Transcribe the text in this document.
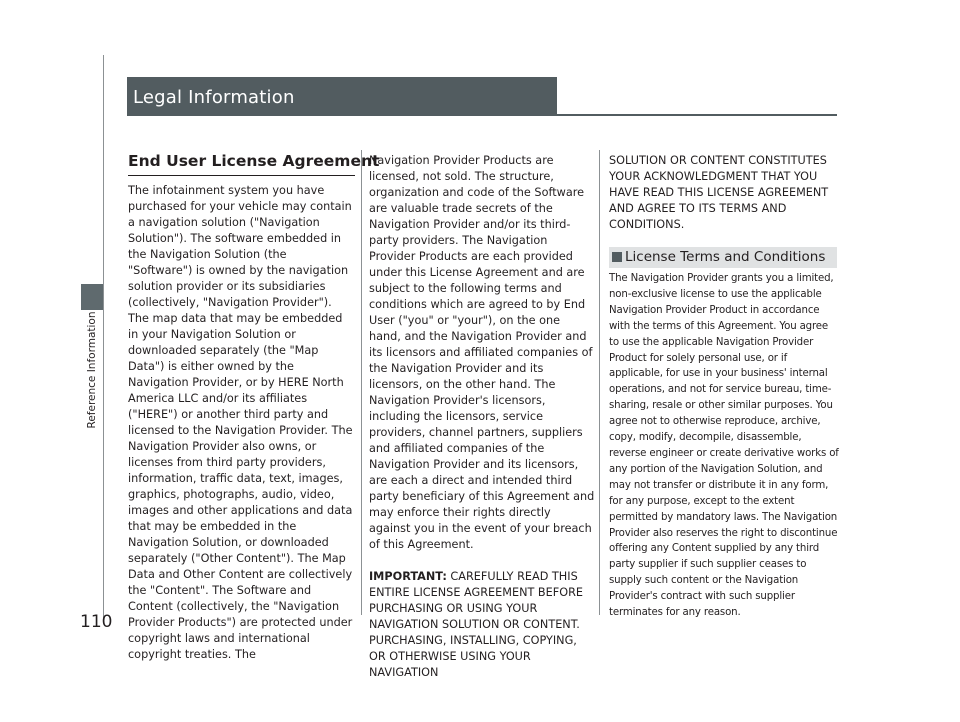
Reference Information
110
Legal Information
End User License Agreement

The infotainment system you have purchased for your vehicle may contain a navigation solution ("Navigation Solution"). The software embedded in the Navigation Solution (the "Software") is owned by the navigation solution provider or its subsidiaries (collectively, "Navigation Provider"). The map data that may be embedded in your Navigation Solution or downloaded separately (the "Map Data") is either owned by the Navigation Provider, or by HERE North America LLC and/or its affiliates ("HERE") or another third party and licensed to the Navigation Provider. The Navigation Provider also owns, or licenses from third party providers, information, traffic data, text, images, graphics, photographs, audio, video, images and other applications and data that may be embedded in the Navigation Solution, or downloaded separately ("Other Content"). The Map Data and Other Content are collectively the "Content". The Software and Content (collectively, the "Navigation Provider Products") are protected under copyright laws and international copyright treaties. The

Navigation Provider Products are licensed, not sold. The structure, organization and code of the Software are valuable trade secrets of the Navigation Provider and/or its third-party providers. The Navigation Provider Products are each provided under this License Agreement and are subject to the following terms and conditions which are agreed to by End User ("you" or "your"), on the one hand, and the Navigation Provider and its licensors and affiliated companies of the Navigation Provider and its licensors, on the other hand. The Navigation Provider's licensors, including the licensors, service providers, channel partners, suppliers and affiliated companies of the Navigation Provider and its licensors, are each a direct and intended third party beneficiary of this Agreement and may enforce their rights directly against you in the event of your breach of this Agreement.

IMPORTANT: CAREFULLY READ THIS ENTIRE LICENSE AGREEMENT BEFORE PURCHASING OR USING YOUR NAVIGATION SOLUTION OR CONTENT. PURCHASING, INSTALLING, COPYING, OR OTHERWISE USING YOUR NAVIGATION

SOLUTION OR CONTENT CONSTITUTES YOUR ACKNOWLEDGMENT THAT YOU HAVE READ THIS LICENSE AGREEMENT AND AGREE TO ITS TERMS AND CONDITIONS.

License Terms and Conditions

The Navigation Provider grants you a limited, non-exclusive license to use the applicable Navigation Provider Product in accordance with the terms of this Agreement. You agree to use the applicable Navigation Provider Product for solely personal use, or if applicable, for use in your business' internal operations, and not for service bureau, time-sharing, resale or other similar purposes. You agree not to otherwise reproduce, archive, copy, modify, decompile, disassemble, reverse engineer or create derivative works of any portion of the Navigation Solution, and may not transfer or distribute it in any form, for any purpose, except to the extent permitted by mandatory laws. The Navigation Provider also reserves the right to discontinue offering any Content supplied by any third party supplier if such supplier ceases to supply such content or the Navigation Provider's contract with such supplier terminates for any reason.
